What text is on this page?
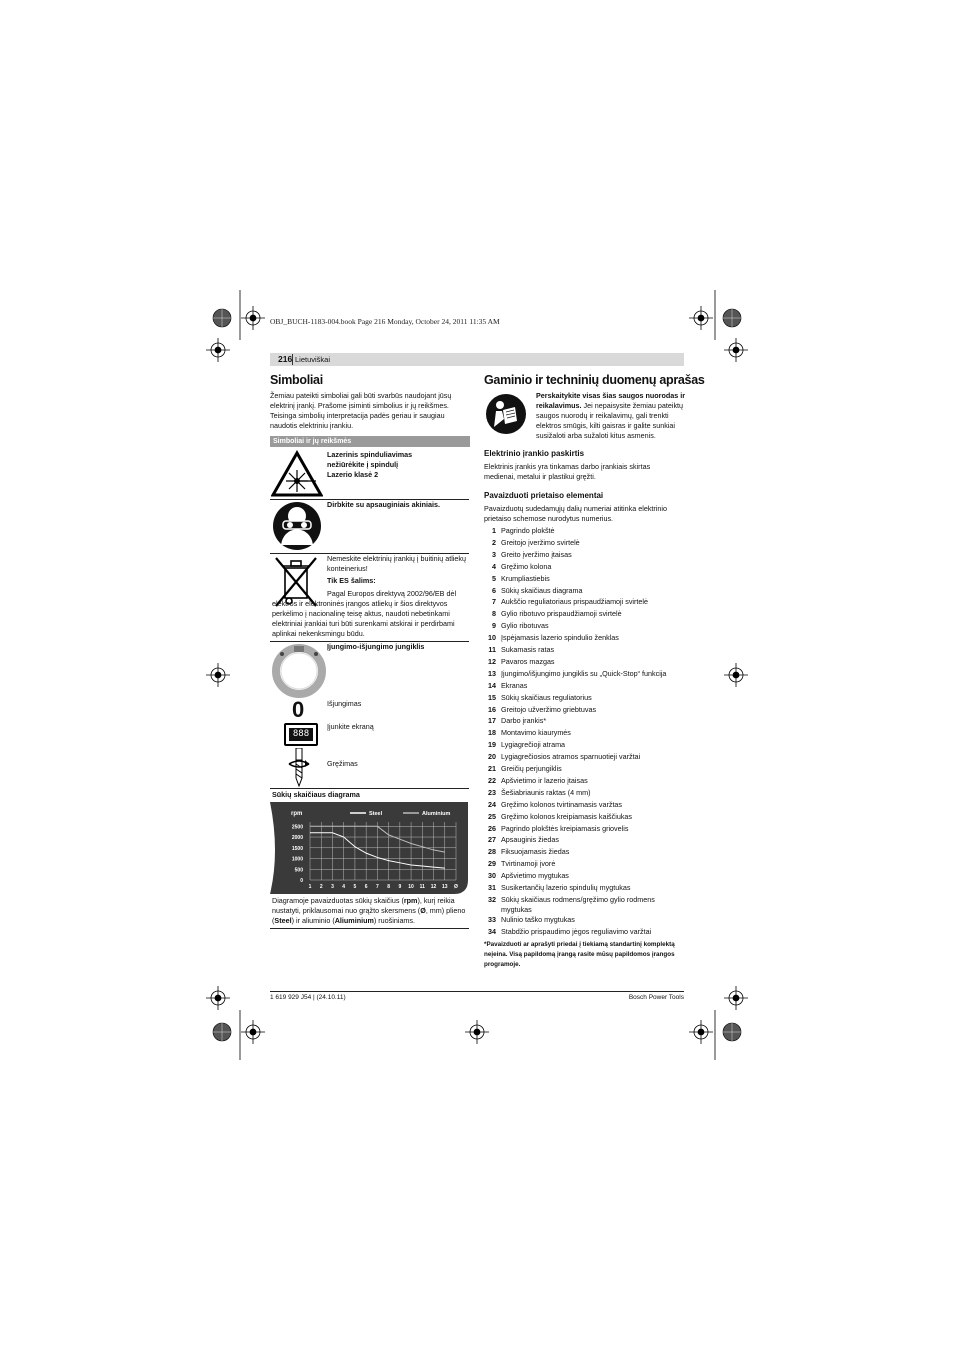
OBJ_BUCH-1183-004.book Page 216 Monday, October 24, 2011 11:35 AM
216 Lietuviškai
Simboliai
Žemiau pateikti simboliai gali būti svarbūs naudojant jūsų elektrinį įrankį. Prašome įsiminti simbolius ir jų reikšmes. Teisinga simbolių interpretacija padės geriau ir saugiau naudotis elektriniu įrankiu.
Simboliai ir jų reikšmės
Lazerinis spinduliavimas
nežiūrėkite į spindulį
Lazerio klasė 2
Dirbkite su apsauginiais akiniais.
Nemeskite elektrinių įrankių į buitinių atliekų konteinerius!
Tik ES šalims:
Pagal Europos direktyvą 2002/96/EB dėl elektros ir elektroninės įrangos atliekų ir šios direktyvos perkėlimo į nacionalinę teisę aktus, naudoti nebetinkami elektriniai įrankiai turi būti surenkami atskirai ir perdirbami aplinkai nekenksmingu būdu.
Įjungimo-išjungimo jungiklis
0	Išjungimas
888
Įjunkite ekraną
Gręžimas
Sūkių skaičiaus diagrama
0
500
1000
1500
2000
2500
1 2 3 4 5 6 7 8 9 10 11 12 13 Ø
rpm	Steel	Aluminium
Diagramoje pavaizduotas sūkių skaičius (rpm), kurį reikia nustatyti, priklausomai nuo grąžto skersmens (Ø, mm) plieno (Steel) ir aliuminio (Aliuminium) ruošiniams.
Gaminio ir techninių duomenų aprašas
Perskaitykite visas šias saugos nuorodas ir reikalavimus. Jei nepaisysite žemiau pateiktų saugos nuorodų ir reikalavimų, gali trenkti elektros smūgis, kilti gaisras ir galite sunkiai susižaloti arba sužaloti kitus asmenis.
Elektrinio įrankio paskirtis
Elektrinis įrankis yra tinkamas darbo įrankiais skirtas medienai, metalui ir plastikui gręžti.
Pavaizduoti prietaiso elementai
Pavaizduotų sudedamųjų dalių numeriai atitinka elektrinio prietaiso schemose nurodytus numerius.
1 Pagrindo plokštė
2 Greitojo įveržimo svirtelė
3 Greito įveržimo įtaisas
4 Gręžimo kolona
5 Krumpliastiebis
6 Sūkių skaičiaus diagrama
7 Aukščio reguliatoriaus prispaudžiamoji svirtelė
8 Gylio ribotuvo prispaudžiamoji svirtelė
9 Gylio ribotuvas
10 Įspėjamasis lazerio spindulio ženklas
11 Sukamasis ratas
12 Pavaros mazgas
13 Įjungimo/išjungimo jungiklis su „Quick-Stop“ funkcija
14 Ekranas
15 Sūkių skaičiaus reguliatorius
16 Greitojo užveržimo griebtuvas
17 Darbo įrankis*
18 Montavimo kiaurymės
19 Lygiagrečioji atrama
20 Lygiagrečiosios atramos sparnuotieji varžtai
21 Greičių perjungiklis
22 Apšvietimo ir lazerio įtaisas
23 Šešiabriaunis raktas (4 mm)
24 Gręžimo kolonos tvirtinamasis varžtas
25 Gręžimo kolonos kreipiamasis kaiščiukas
26 Pagrindo plokštės kreipiamasis griovelis
27 Apsauginis žiedas
28 Fiksuojamasis žiedas
29 Tvirtinamoji įvorė
30 Apšvietimo mygtukas
31 Susikertančių lazerio spindulių mygtukas
32 Sūkių skaičiaus rodmens/gręžimo gylio rodmens mygtukas
33 Nulinio taško mygtukas
34 Stabdžio prispaudimo jėgos reguliavimo varžtai
*Pavaizduoti ar aprašyti priedai į tiekiamą standartinį komplektą neįeina. Visą papildomą įrangą rasite mūsų papildomos įrangos programoje.
1 619 929 J54 | (24.10.11)	Bosch Power Tools
